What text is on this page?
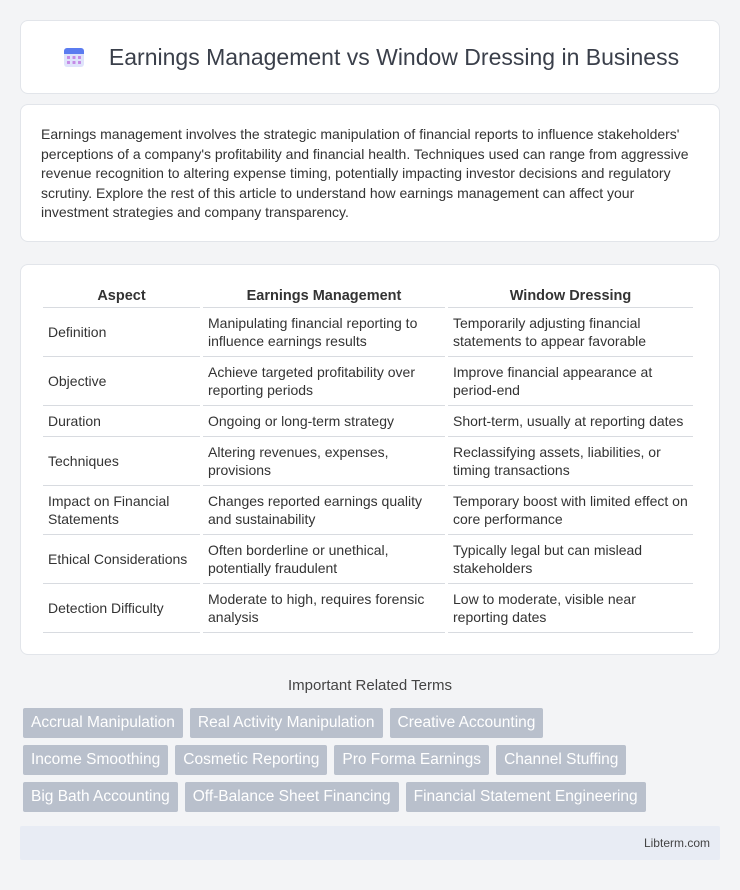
Earnings Management vs Window Dressing in Business

Earnings management involves the strategic manipulation of financial reports to influence stakeholders' perceptions of a company's profitability and financial health. Techniques used can range from aggressive revenue recognition to altering expense timing, potentially impacting investor decisions and regulatory scrutiny. Explore the rest of this article to understand how earnings management can affect your investment strategies and company transparency.

Aspect	Earnings Management	Window Dressing
Definition	Manipulating financial reporting to influence earnings results	Temporarily adjusting financial statements to appear favorable
Objective	Achieve targeted profitability over reporting periods	Improve financial appearance at period-end
Duration	Ongoing or long-term strategy	Short-term, usually at reporting dates
Techniques	Altering revenues, expenses, provisions	Reclassifying assets, liabilities, or timing transactions
Impact on Financial Statements	Changes reported earnings quality and sustainability	Temporary boost with limited effect on core performance
Ethical Considerations	Often borderline or unethical, potentially fraudulent	Typically legal but can mislead stakeholders
Detection Difficulty	Moderate to high, requires forensic analysis	Low to moderate, visible near reporting dates
Important Related Terms
Accrual Manipulation	Real Activity Manipulation	Creative Accounting
Income Smoothing	Cosmetic Reporting	Pro Forma Earnings	Channel Stuffing
Big Bath Accounting	Off-Balance Sheet Financing	Financial Statement Engineering
Libterm.com
